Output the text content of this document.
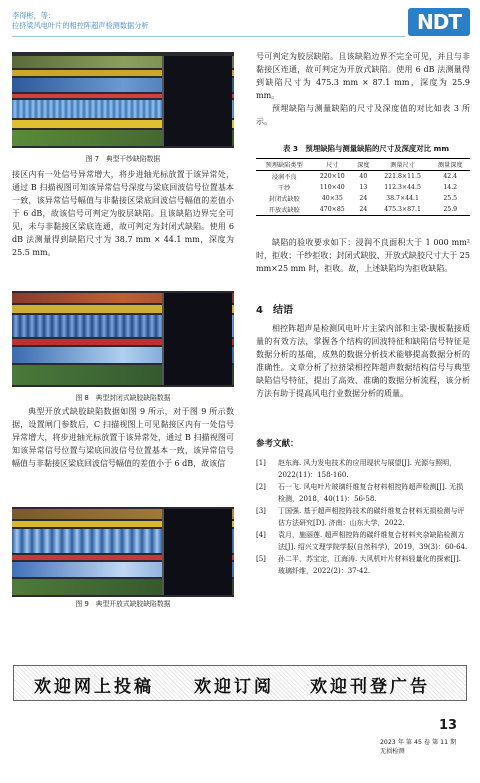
李得彬，等：
拉挤梁风电叶片的相控阵超声检测数据分析	NDT
图 7　典型干纱缺陷数据

接区内有一处信号异常增大，将步进轴光标放置于该异常处，通过 B 扫描视图可知该异常信号深度与梁底回波信号位置基本一致，该异常信号幅值与非黏接区梁底回波信号幅值的差值小于 6 dB，故该信号可判定为胶层缺陷。且该缺陷边界完全可见，未与非黏接区梁底连通，故可判定为封闭式缺陷。使用 6 dB 法测量得到缺陷尺寸为 38.7 mm × 44.1 mm，深度为 25.5 mm。

图 8　典型封闭式缺胶缺陷数据

典型开放式缺胶缺陷数据如图 9 所示，对于图 9 所示数据，设置闸门参数后，C 扫描视图上可见黏接区内有一处信号异常增大，将步进轴光标放置于该异常处，通过 B 扫描视图可知该异常信号位置与梁底回波信号位置基本一致，该异常信号幅值与非黏接区梁底回波信号幅值的差值小于 6 dB，故该信

图 9　典型开放式缺胶缺陷数据

号可判定为胶层缺陷。且该缺陷边界不完全可见，并且与非黏接区连通，故可判定为开放式缺陷。使用 6 dB 法测量得到缺陷尺寸为 475.3 mm × 87.1 mm，深度为 25.9 mm。

预埋缺陷与测量缺陷的尺寸及深度值的对比如表 3 所示。

表 3　预埋缺陷与测量缺陷的尺寸及深度对比 mm
预埋缺陷类型	尺寸	深度	测量尺寸	测量深度
浸润不良	220×10	40	221.8×11.5	42.4
干纱	110×40	13	112.3×44.5	14.2
封闭式缺胶	40×35	24	38.7×44.1	25.5
开放式缺胶	470×85	24	475.3×87.1	25.9

缺陷的验收要求如下：浸润不良面积大于 1 000 mm² 时，拒收；干纱拒收；封闭式缺胶、开放式缺胶尺寸大于 25 mm×25 mm 时，拒收。故，上述缺陷均为拒收缺陷。

4　结语

相控阵超声是检测风电叶片主梁内部和主梁-腹板黏接质量的有效方法，掌握各个结构的回波特征和缺陷信号特征是数据分析的基础，成熟的数据分析技术能够提高数据分析的准确性。文章分析了拉挤梁相控阵超声数据结构信号与典型缺陷信号特征，提出了高效、准确的数据分析流程，该分析方法有助于提高风电行业数据分析的质量。

参考文献：
[1]	赵东海. 风力发电技术的应用现状与展望[J]. 光源与照明，2022(11)：158-160.
[2]	石一飞. 风电叶片玻璃纤维复合材料相控阵超声检测[J]. 无损检测，2018，40(11)：56-58.
[3]	丁国强. 基于超声相控阵技术的碳纤维复合材料无损检测与评估方法研究[D]. 济南：山东大学，2022.
[4]	袁月，施丽莲. 超声相控阵的碳纤维复合材料夹杂缺陷检测方法[J]. 绍兴文理学院学报(自然科学)，2019，39(3)：60-64.
[5]	孙二平，苏宝定，江海涛. 大风机叶片材料轻量化的探索[J]. 玻璃纤维，2022(2)：37-42.
欢迎网上投稿 欢迎订阅 欢迎刊登广告
13
2023 年 第 45 卷 第 11 期
无损检测
